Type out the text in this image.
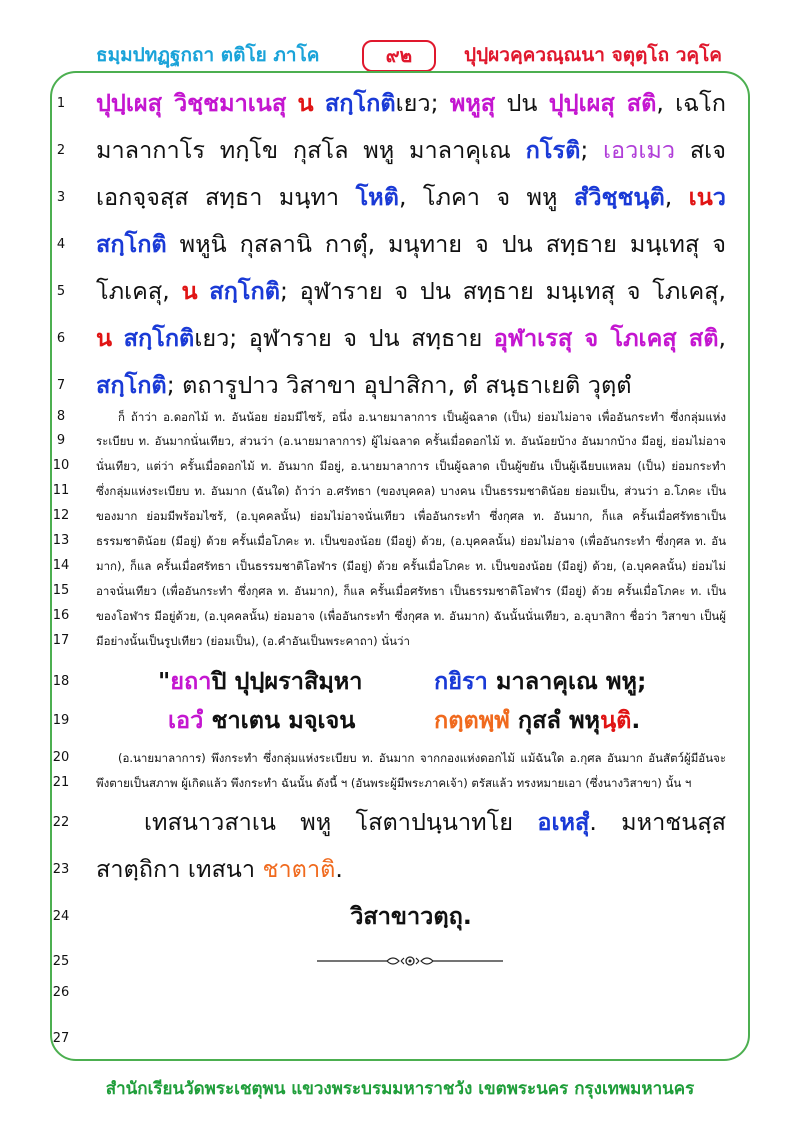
ธมฺมปทฏฺฐกถา ตติโย ภาโค	๙๒	ปุปฺผวคฺควณฺณนา จตุตฺโถ วคฺโค
1
2
3
4
5
6
7
8
9
10
11
12
13
14
15
16
17
18
19
20
21
22
23
24
25
26
27
ปุปฺเผสุ วิชฺชมาเนสุ น สกฺโกติเยว; พหูสุ ปน ปุปฺเผสุ สติ, เฉโก
มาลากาโร ทกฺโข กุสโล พหู มาลาคุเณ กโรติ; เอวเมว สเจ
เอกจฺจสฺส สทฺธา มนฺทา โหติ, โภคา จ พหู สํวิชฺชนฺติ, เนว
สกฺโกติ พหูนิ กุสลานิ กาตุํ, มนุทาย จ ปน สทฺธาย มนฺเทสุ จ
โภเคสุ, น สกฺโกติ; อุฬาราย จ ปน สทฺธาย มนฺเทสุ จ โภเคสุ,
น สกฺโกติเยว; อุฬาราย จ ปน สทฺธาย อุฬาเรสุ จ โภเคสุ สติ,
สกฺโกติ; ตถารูปาว วิสาขา อุปาสิกา, ตํ สนฺธาเยติ วุตฺตํ
ก็ ถ้าว่า อ.ดอกไม้ ท. อันน้อย ย่อมมีไซร้, อนึ่ง อ.นายมาลาการ เป็นผู้ฉลาด (เป็น) ย่อมไม่อาจ เพื่ออันกระทำ ซึ่งกลุ่มแห่ง
ระเบียบ ท. อันมากนั่นเทียว, ส่วนว่า (อ.นายมาลาการ) ผู้ไม่ฉลาด ครั้นเมื่อดอกไม้ ท. อันน้อยบ้าง อันมากบ้าง มีอยู่, ย่อมไม่อาจ
นั่นเทียว, แต่ว่า ครั้นเมื่อดอกไม้ ท. อันมาก มีอยู่, อ.นายมาลาการ เป็นผู้ฉลาด เป็นผู้ขยัน เป็นผู้เฉียบแหลม (เป็น) ย่อมกระทำ
ซึ่งกลุ่มแห่งระเบียบ ท. อันมาก (ฉันใด) ถ้าว่า อ.ศรัทธา (ของบุคคล) บางคน เป็นธรรมชาติน้อย ย่อมเป็น, ส่วนว่า อ.โภคะ เป็น
ของมาก ย่อมมีพร้อมไซร้, (อ.บุคคลนั้น) ย่อมไม่อาจนั่นเทียว เพื่ออันกระทำ ซึ่งกุศล ท. อันมาก, ก็แล ครั้นเมื่อศรัทธาเป็น
ธรรมชาติน้อย (มีอยู่) ด้วย ครั้นเมื่อโภคะ ท. เป็นของน้อย (มีอยู่) ด้วย, (อ.บุคคลนั้น) ย่อมไม่อาจ (เพื่ออันกระทำ ซึ่งกุศล ท. อัน
มาก), ก็แล ครั้นเมื่อศรัทธา เป็นธรรมชาติโอฬาร (มีอยู่) ด้วย ครั้นเมื่อโภคะ ท. เป็นของน้อย (มีอยู่) ด้วย, (อ.บุคคลนั้น) ย่อมไม่
อาจนั่นเทียว (เพื่ออันกระทำ ซึ่งกุศล ท. อันมาก), ก็แล ครั้นเมื่อศรัทธา เป็นธรรมชาติโอฬาร (มีอยู่) ด้วย ครั้นเมื่อโภคะ ท. เป็น
ของโอฬาร มีอยู่ด้วย, (อ.บุคคลนั้น) ย่อมอาจ (เพื่ออันกระทำ ซึ่งกุศล ท. อันมาก) ฉันนั้นนั่นเทียว, อ.อุบาสิกา ชื่อว่า วิสาขา เป็นผู้
มีอย่างนั้นเป็นรูปเทียว (ย่อมเป็น), (อ.คำอันเป็นพระคาถา) นั่นว่า
"ยถาปิ ปุปฺผราสิมฺหา	กยิรา มาลาคุเณ พหู;
เอวํ ชาเตน มจฺเจน	กตฺตพฺพํ กุสลํ พหุนฺติ.
(อ.นายมาลาการ) พึงกระทำ ซึ่งกลุ่มแห่งระเบียบ ท. อันมาก จากกองแห่งดอกไม้ แม้ฉันใด อ.กุศล อันมาก อันสัตว์ผู้มีอันจะ
พึงตายเป็นสภาพ ผู้เกิดแล้ว พึงกระทำ ฉันนั้น ดังนี้ ฯ (อันพระผู้มีพระภาคเจ้า) ตรัสแล้ว ทรงหมายเอา (ซึ่งนางวิสาขา) นั้น ฯ
เทสนาวสาเน พหู โสตาปนฺนาทโย อเหสุํ. มหาชนสฺส
สาตฺถิกา เทสนา ชาตาติ.
วิสาขาวตฺถุ.
สำนักเรียนวัดพระเชตุพน แขวงพระบรมมหาราชวัง เขตพระนคร กรุงเทพมหานคร
